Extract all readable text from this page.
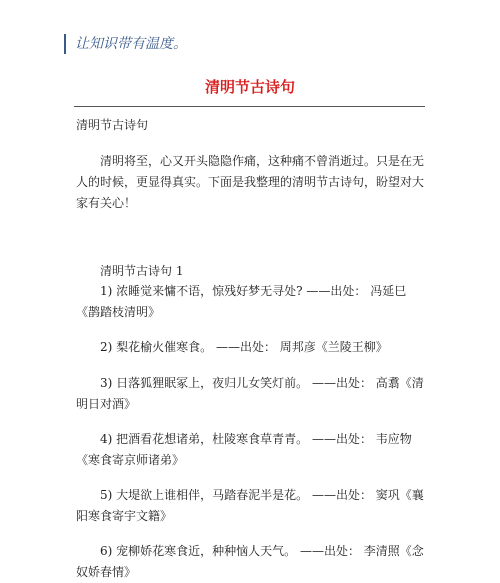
让知识带有温度。
清明节古诗句
清明节古诗句
清明将至，心又开头隐隐作痛，这种痛不曾消逝过。只是在无人的时候，更显得真实。下面是我整理的清明节古诗句，盼望对大家有关心！
清明节古诗句 1
1) 浓睡觉来慵不语，惊残好梦无寻处? ——出处： 冯延巳《鹊踏枝清明》
2) 梨花榆火催寒食。 ——出处： 周邦彦《兰陵王柳》
3) 日落狐狸眠冢上，夜归儿女笑灯前。 ——出处： 高翥《清明日对酒》
4) 把酒看花想诸弟，杜陵寒食草青青。 ——出处： 韦应物《寒食寄京师诸弟》
5) 大堤欲上谁相伴，马踏春泥半是花。 ——出处： 窦巩《襄阳寒食寄宇文籍》
6) 宠柳娇花寒食近，种种恼人天气。 ——出处： 李清照《念奴娇春情》
